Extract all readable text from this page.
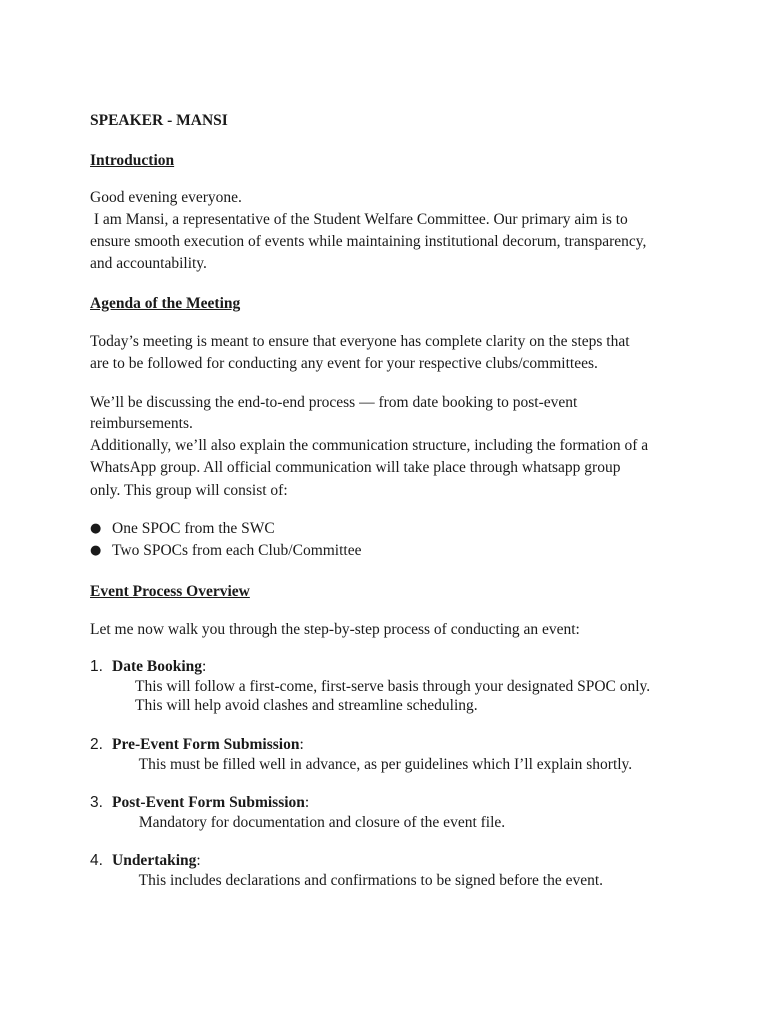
SPEAKER - MANSI
Introduction
Good evening everyone.
I am Mansi, a representative of the Student Welfare Committee. Our primary aim is to
ensure smooth execution of events while maintaining institutional decorum, transparency,
and accountability.
Agenda of the Meeting
Today’s meeting is meant to ensure that everyone has complete clarity on the steps that
are to be followed for conducting any event for your respective clubs/committees.
We’ll be discussing the end-to-end process — from date booking to post-event
reimbursements.
Additionally, we’ll also explain the communication structure, including the formation of a
WhatsApp group. All official communication will take place through whatsapp group
only. This group will consist of:
● One SPOC from the SWC
● Two SPOCs from each Club/Committee
Event Process Overview
Let me now walk you through the step-by-step process of conducting an event:
1. Date Booking:
This will follow a first-come, first-serve basis through your designated SPOC only.
This will help avoid clashes and streamline scheduling.
2. Pre-Event Form Submission:
This must be filled well in advance, as per guidelines which I’ll explain shortly.
3. Post-Event Form Submission:
Mandatory for documentation and closure of the event file.
4. Undertaking:
This includes declarations and confirmations to be signed before the event.
